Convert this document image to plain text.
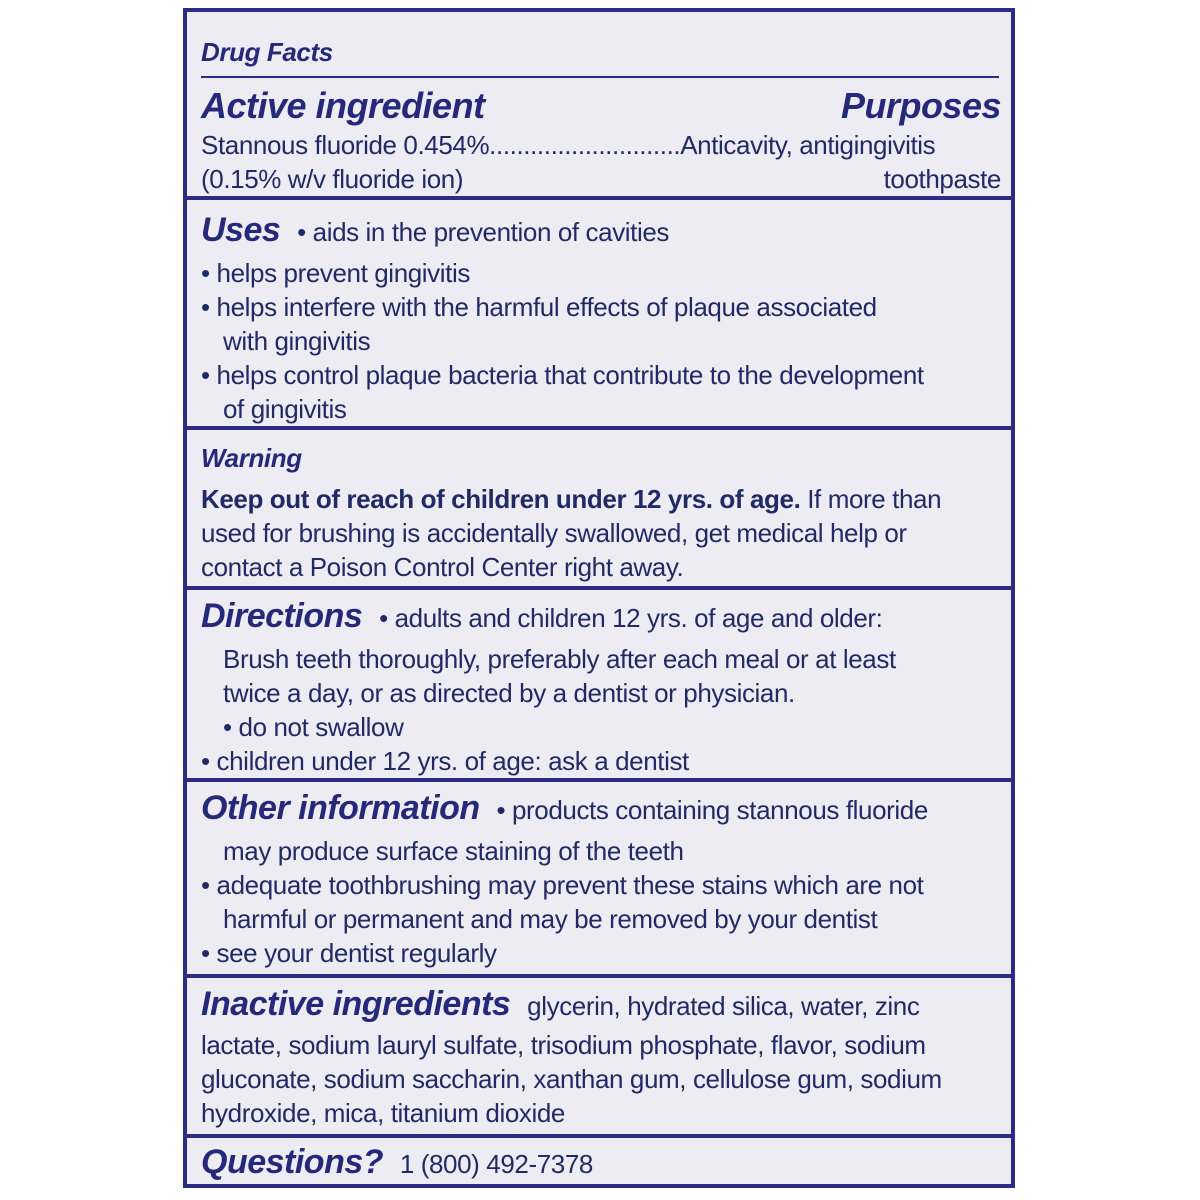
Drug Facts
Active ingredient	Purposes
Stannous fluoride 0.454%............................Anticavity, antigingivitis
(0.15% w/v fluoride ion)	toothpaste
Uses • aids in the prevention of cavities
• helps prevent gingivitis
• helps interfere with the harmful effects of plaque associated
with gingivitis
• helps control plaque bacteria that contribute to the development
of gingivitis
Warning
Keep out of reach of children under 12 yrs. of age. If more than
used for brushing is accidentally swallowed, get medical help or
contact a Poison Control Center right away.
Directions • adults and children 12 yrs. of age and older:
Brush teeth thoroughly, preferably after each meal or at least
twice a day, or as directed by a dentist or physician.
• do not swallow
• children under 12 yrs. of age: ask a dentist
Other information • products containing stannous fluoride
may produce surface staining of the teeth
• adequate toothbrushing may prevent these stains which are not
harmful or permanent and may be removed by your dentist
• see your dentist regularly
Inactive ingredients glycerin, hydrated silica, water, zinc
lactate, sodium lauryl sulfate, trisodium phosphate, flavor, sodium
gluconate, sodium saccharin, xanthan gum, cellulose gum, sodium
hydroxide, mica, titanium dioxide
Questions? 1 (800) 492-7378
